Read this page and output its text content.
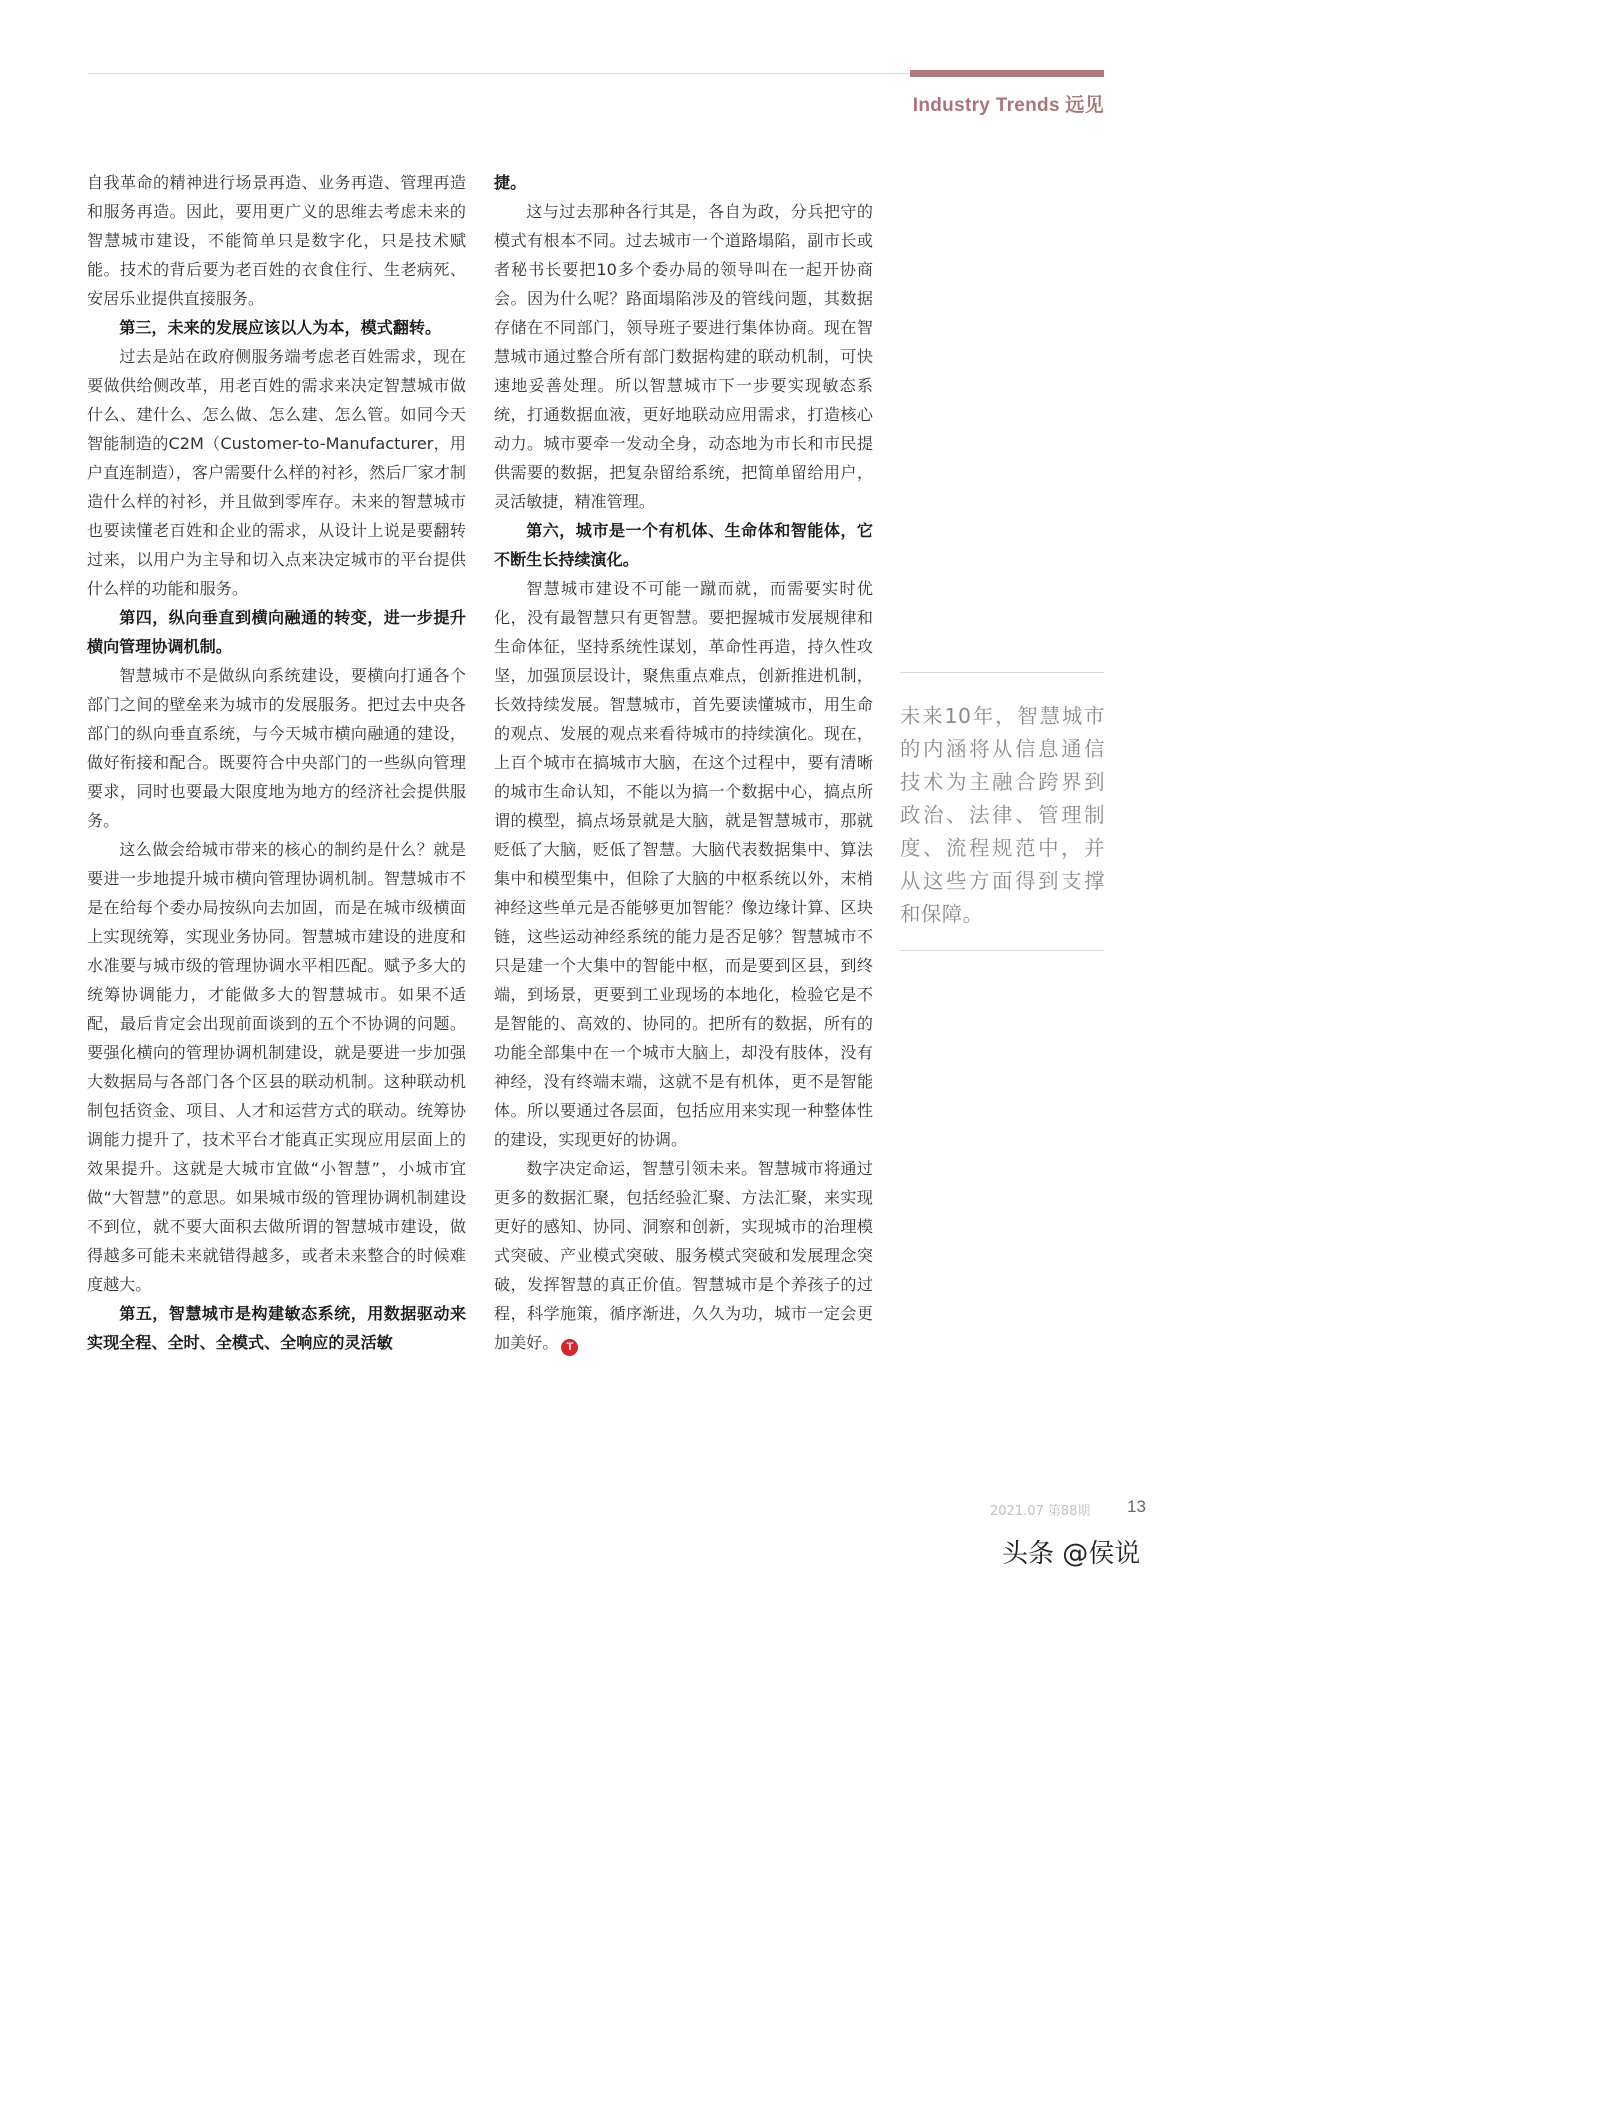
Industry Trends 远见

自我革命的精神进行场景再造、业务再造、管理再造和服务再造。因此，要用更广义的思维去考虑未来的智慧城市建设，不能简单只是数字化，只是技术赋能。技术的背后要为老百姓的衣食住行、生老病死、安居乐业提供直接服务。

第三，未来的发展应该以人为本，模式翻转。

过去是站在政府侧服务端考虑老百姓需求，现在要做供给侧改革，用老百姓的需求来决定智慧城市做什么、建什么、怎么做、怎么建、怎么管。如同今天智能制造的C2M（Customer-to-Manufacturer，用户直连制造），客户需要什么样的衬衫，然后厂家才制造什么样的衬衫，并且做到零库存。未来的智慧城市也要读懂老百姓和企业的需求，从设计上说是要翻转过来，以用户为主导和切入点来决定城市的平台提供什么样的功能和服务。

第四，纵向垂直到横向融通的转变，进一步提升横向管理协调机制。

智慧城市不是做纵向系统建设，要横向打通各个部门之间的壁垒来为城市的发展服务。把过去中央各部门的纵向垂直系统，与今天城市横向融通的建设，做好衔接和配合。既要符合中央部门的一些纵向管理要求，同时也要最大限度地为地方的经济社会提供服务。

这么做会给城市带来的核心的制约是什么？就是要进一步地提升城市横向管理协调机制。智慧城市不是在给每个委办局按纵向去加固，而是在城市级横面上实现统筹，实现业务协同。智慧城市建设的进度和水准要与城市级的管理协调水平相匹配。赋予多大的统筹协调能力，才能做多大的智慧城市。如果不适配，最后肯定会出现前面谈到的五个不协调的问题。要强化横向的管理协调机制建设，就是要进一步加强大数据局与各部门各个区县的联动机制。这种联动机制包括资金、项目、人才和运营方式的联动。统筹协调能力提升了，技术平台才能真正实现应用层面上的效果提升。这就是大城市宜做“小智慧”，小城市宜做“大智慧”的意思。如果城市级的管理协调机制建设不到位，就不要大面积去做所谓的智慧城市建设，做得越多可能未来就错得越多，或者未来整合的时候难度越大。

第五，智慧城市是构建敏态系统，用数据驱动来实现全程、全时、全模式、全响应的灵活敏

捷。

这与过去那种各行其是，各自为政，分兵把守的模式有根本不同。过去城市一个道路塌陷，副市长或者秘书长要把10多个委办局的领导叫在一起开协商会。因为什么呢？路面塌陷涉及的管线问题，其数据存储在不同部门，领导班子要进行集体协商。现在智慧城市通过整合所有部门数据构建的联动机制，可快速地妥善处理。所以智慧城市下一步要实现敏态系统，打通数据血液，更好地联动应用需求，打造核心动力。城市要牵一发动全身，动态地为市长和市民提供需要的数据，把复杂留给系统，把简单留给用户，灵活敏捷，精准管理。

第六，城市是一个有机体、生命体和智能体，它不断生长持续演化。

智慧城市建设不可能一蹴而就，而需要实时优化，没有最智慧只有更智慧。要把握城市发展规律和生命体征，坚持系统性谋划，革命性再造，持久性攻坚，加强顶层设计，聚焦重点难点，创新推进机制，长效持续发展。智慧城市，首先要读懂城市，用生命的观点、发展的观点来看待城市的持续演化。现在，上百个城市在搞城市大脑，在这个过程中，要有清晰的城市生命认知，不能以为搞一个数据中心，搞点所谓的模型，搞点场景就是大脑，就是智慧城市，那就贬低了大脑，贬低了智慧。大脑代表数据集中、算法集中和模型集中，但除了大脑的中枢系统以外，末梢神经这些单元是否能够更加智能？像边缘计算、区块链，这些运动神经系统的能力是否足够？智慧城市不只是建一个大集中的智能中枢，而是要到区县，到终端，到场景，更要到工业现场的本地化，检验它是不是智能的、高效的、协同的。把所有的数据，所有的功能全部集中在一个城市大脑上，却没有肢体，没有神经，没有终端末端，这就不是有机体，更不是智能体。所以要通过各层面，包括应用来实现一种整体性的建设，实现更好的协调。

数字决定命运，智慧引领未来。智慧城市将通过更多的数据汇聚，包括经验汇聚、方法汇聚，来实现更好的感知、协同、洞察和创新，实现城市的治理模式突破、产业模式突破、服务模式突破和发展理念突破，发挥智慧的真正价值。智慧城市是个养孩子的过程，科学施策，循序渐进，久久为功，城市一定会更加美好。 T

未来10年，智慧城市的内涵将从信息通信技术为主融合跨界到政治、法律、管理制度、流程规范中，并从这些方面得到支撑和保障。
2021.07 第88期 13
头条 @侯说
